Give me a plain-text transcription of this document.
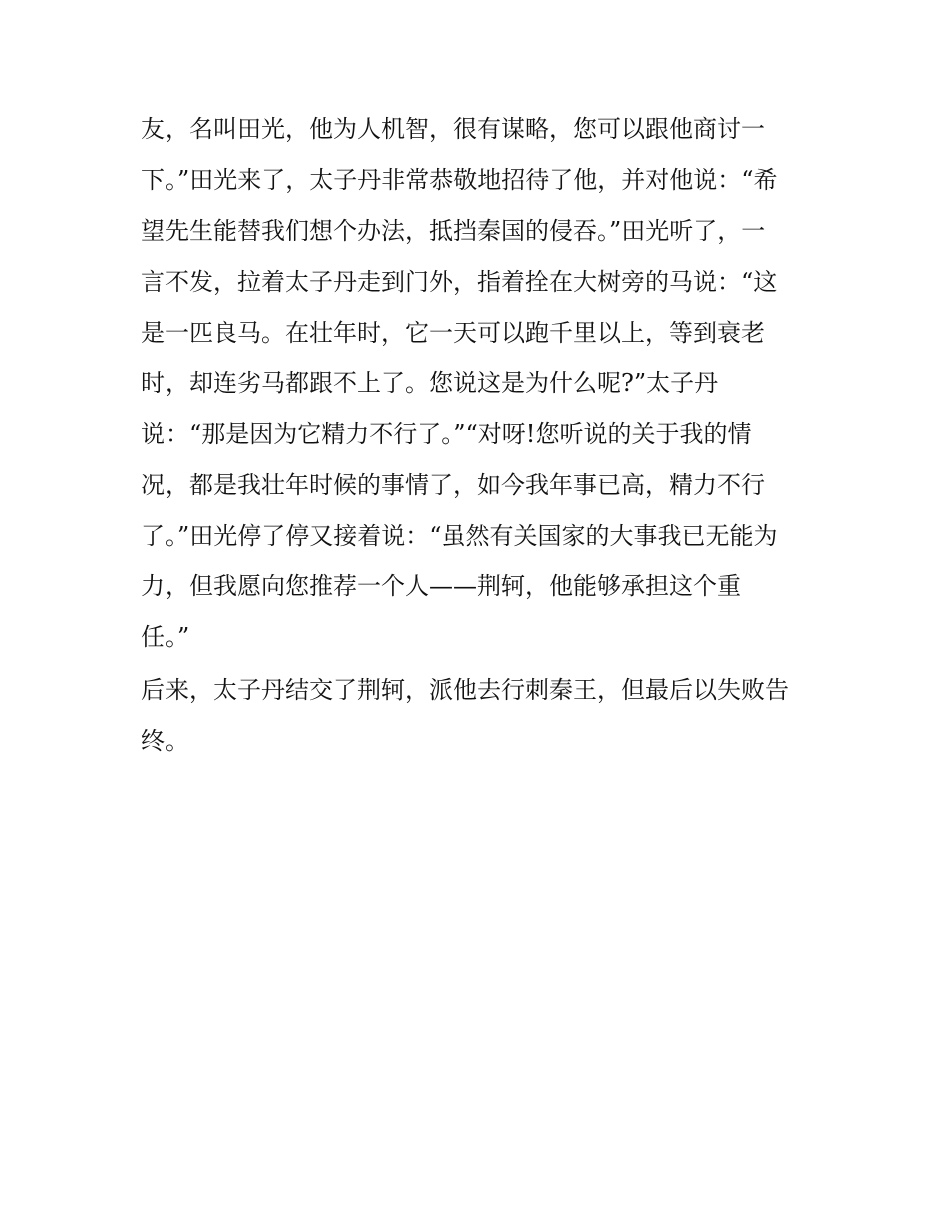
友，名叫田光，他为人机智，很有谋略，您可以跟他商讨一
下。”田光来了，太子丹非常恭敬地招待了他，并对他说：“希
望先生能替我们想个办法，抵挡秦国的侵吞。”田光听了，一
言不发，拉着太子丹走到门外，指着拴在大树旁的马说：“这
是一匹良马。在壮年时，它一天可以跑千里以上，等到衰老
时，却连劣马都跟不上了。您说这是为什么呢?”太子丹
说：“那是因为它精力不行了。”“对呀!您听说的关于我的情
况，都是我壮年时候的事情了，如今我年事已高，精力不行
了。”田光停了停又接着说：“虽然有关国家的大事我已无能为
力，但我愿向您推荐一个人——荆轲，他能够承担这个重
任。”
后来，太子丹结交了荆轲，派他去行刺秦王，但最后以失败告
终。
